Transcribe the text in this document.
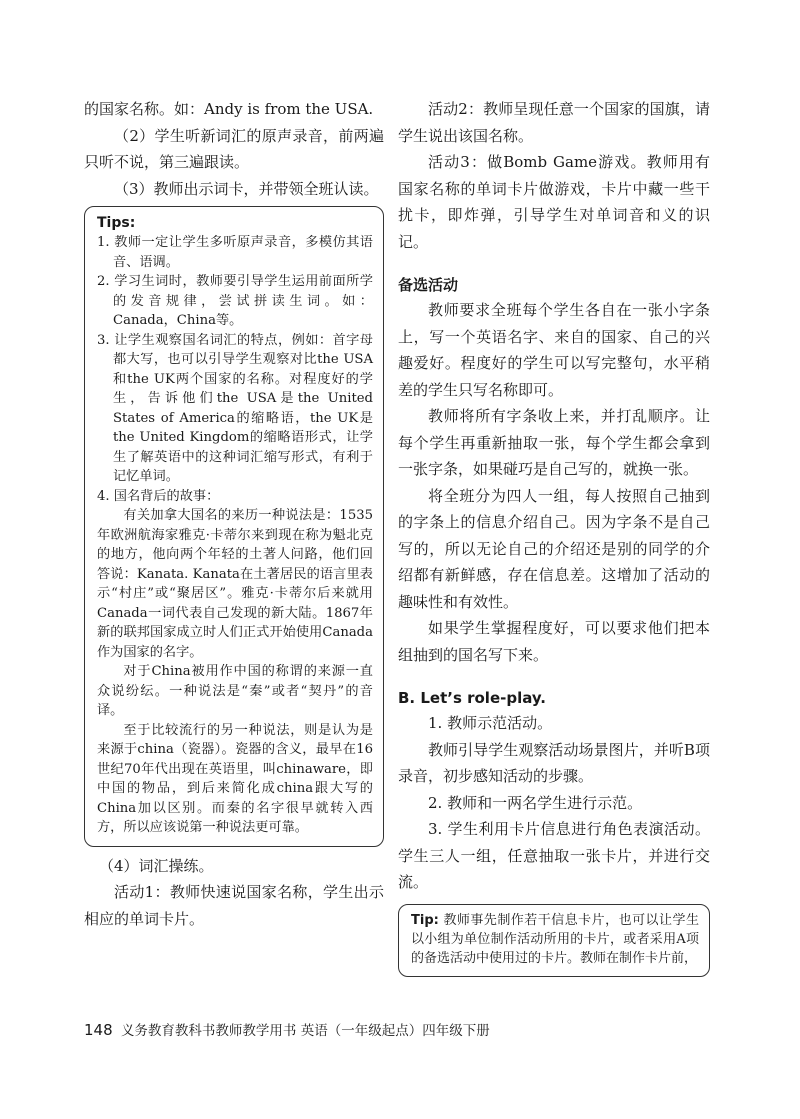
的国家名称。如：Andy is from the USA.

（2）学生听新词汇的原声录音，前两遍只听不说，第三遍跟读。

（3）教师出示词卡，并带领全班认读。

Tips:
1. 教师一定让学生多听原声录音，多模仿其语音、语调。
2. 学习生词时，教师要引导学生运用前面所学的发音规律，尝试拼读生词。如：Canada，China等。
3. 让学生观察国名词汇的特点，例如：首字母都大写，也可以引导学生观察对比the USA和the UK两个国家的名称。对程度好的学生，告诉他们the USA是the United States of America的缩略语，the UK是the United Kingdom的缩略语形式，让学生了解英语中的这种词汇缩写形式，有利于记忆单词。
4. 国名背后的故事：
有关加拿大国名的来历一种说法是：1535年欧洲航海家雅克·卡蒂尔来到现在称为魁北克的地方，他向两个年轻的土著人问路，他们回答说：Kanata. Kanata在土著居民的语言里表示“村庄”或“聚居区”。雅克·卡蒂尔后来就用Canada一词代表自己发现的新大陆。1867年新的联邦国家成立时人们正式开始使用Canada作为国家的名字。
对于China被用作中国的称谓的来源一直众说纷纭。一种说法是“秦”或者“契丹”的音译。
至于比较流行的另一种说法，则是认为是来源于china（瓷器）。瓷器的含义，最早在16世纪70年代出现在英语里，叫chinaware，即中国的物品，到后来简化成china跟大写的China加以区别。而秦的名字很早就转入西方，所以应该说第一种说法更可靠。

（4）词汇操练。

活动1：教师快速说国家名称，学生出示相应的单词卡片。

活动2：教师呈现任意一个国家的国旗，请学生说出该国名称。

活动3：做Bomb Game游戏。教师用有国家名称的单词卡片做游戏，卡片中藏一些干扰卡，即炸弹，引导学生对单词音和义的识记。

备选活动

教师要求全班每个学生各自在一张小字条上，写一个英语名字、来自的国家、自己的兴趣爱好。程度好的学生可以写完整句，水平稍差的学生只写名称即可。

教师将所有字条收上来，并打乱顺序。让每个学生再重新抽取一张，每个学生都会拿到一张字条，如果碰巧是自己写的，就换一张。

将全班分为四人一组，每人按照自己抽到的字条上的信息介绍自己。因为字条不是自己写的，所以无论自己的介绍还是别的同学的介绍都有新鲜感，存在信息差。这增加了活动的趣味性和有效性。

如果学生掌握程度好，可以要求他们把本组抽到的国名写下来。

B. Let’s role-play.

1. 教师示范活动。

教师引导学生观察活动场景图片，并听B项录音，初步感知活动的步骤。

2. 教师和一两名学生进行示范。

3. 学生利用卡片信息进行角色表演活动。学生三人一组，任意抽取一张卡片，并进行交流。

Tip: 教师事先制作若干信息卡片，也可以让学生以小组为单位制作活动所用的卡片，或者采用A项的备选活动中使用过的卡片。教师在制作卡片前，
148 义务教育教科书教师教学用书 英语（一年级起点）四年级下册
